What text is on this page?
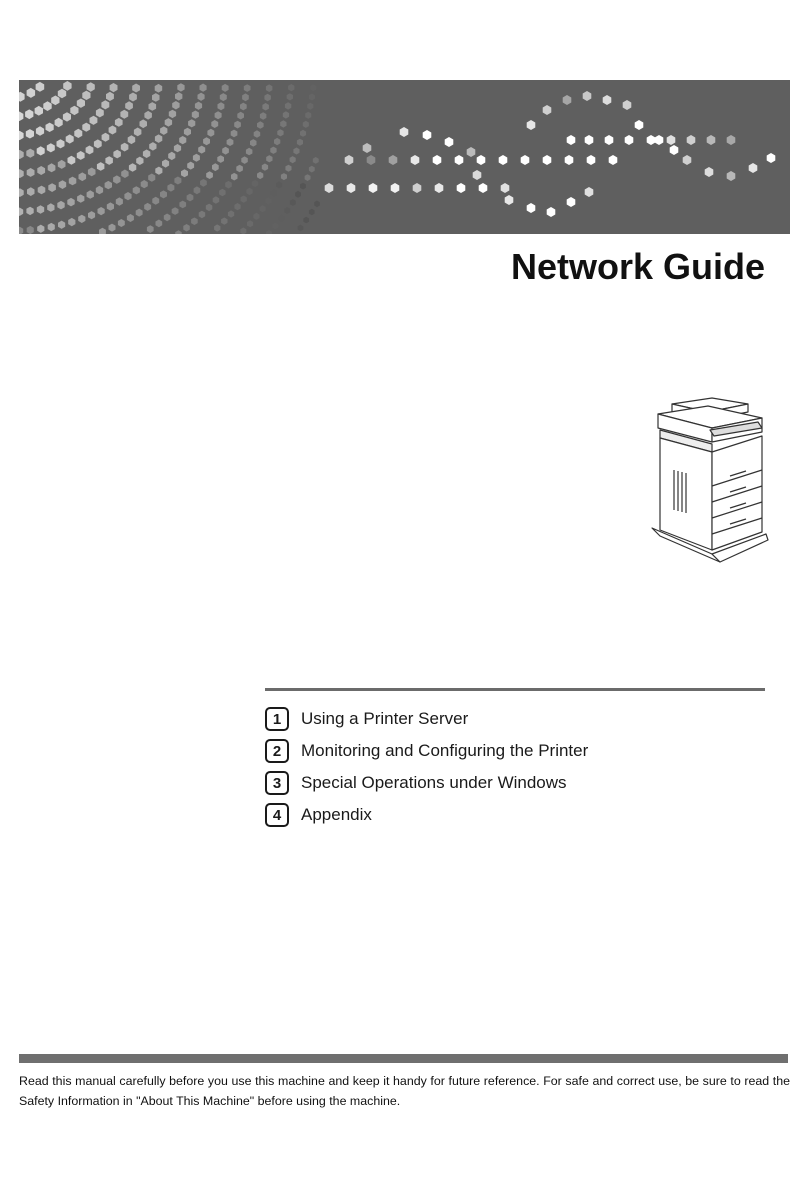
Network Guide
1	Using a Printer Server
2	Monitoring and Configuring the Printer
3	Special Operations under Windows
4	Appendix

Read this manual carefully before you use this machine and keep it handy for future reference. For safe and correct use, be sure to read the Safety Information in "About This Machine" before using the machine.
